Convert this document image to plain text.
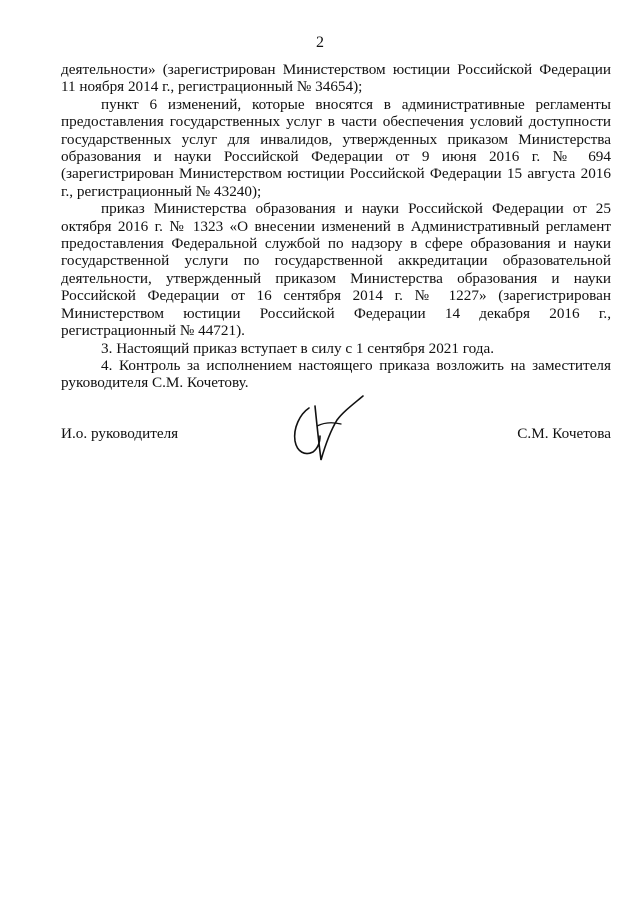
2

деятельности» (зарегистрирован Министерством юстиции Российской Федерации 11 ноября 2014 г., регистрационный № 34654);

пункт 6 изменений, которые вносятся в административные регламенты предоставления государственных услуг в части обеспечения условий доступности государственных услуг для инвалидов, утвержденных приказом Министерства образования и науки Российской Федерации от 9 июня 2016 г. № 694 (зарегистрирован Министерством юстиции Российской Федерации 15 августа 2016 г., регистрационный № 43240);

приказ Министерства образования и науки Российской Федерации от 25 октября 2016 г. № 1323 «О внесении изменений в Административный регламент предоставления Федеральной службой по надзору в сфере образования и науки государственной услуги по государственной аккредитации образовательной деятельности, утвержденный приказом Министерства образования и науки Российской Федерации от 16 сентября 2014 г. № 1227» (зарегистрирован Министерством юстиции Российской Федерации 14 декабря 2016 г., регистрационный № 44721).

3. Настоящий приказ вступает в силу с 1 сентября 2021 года.

4. Контроль за исполнением настоящего приказа возложить на заместителя руководителя С.М. Кочетову.

И.о. руководителя	С.М. Кочетова
